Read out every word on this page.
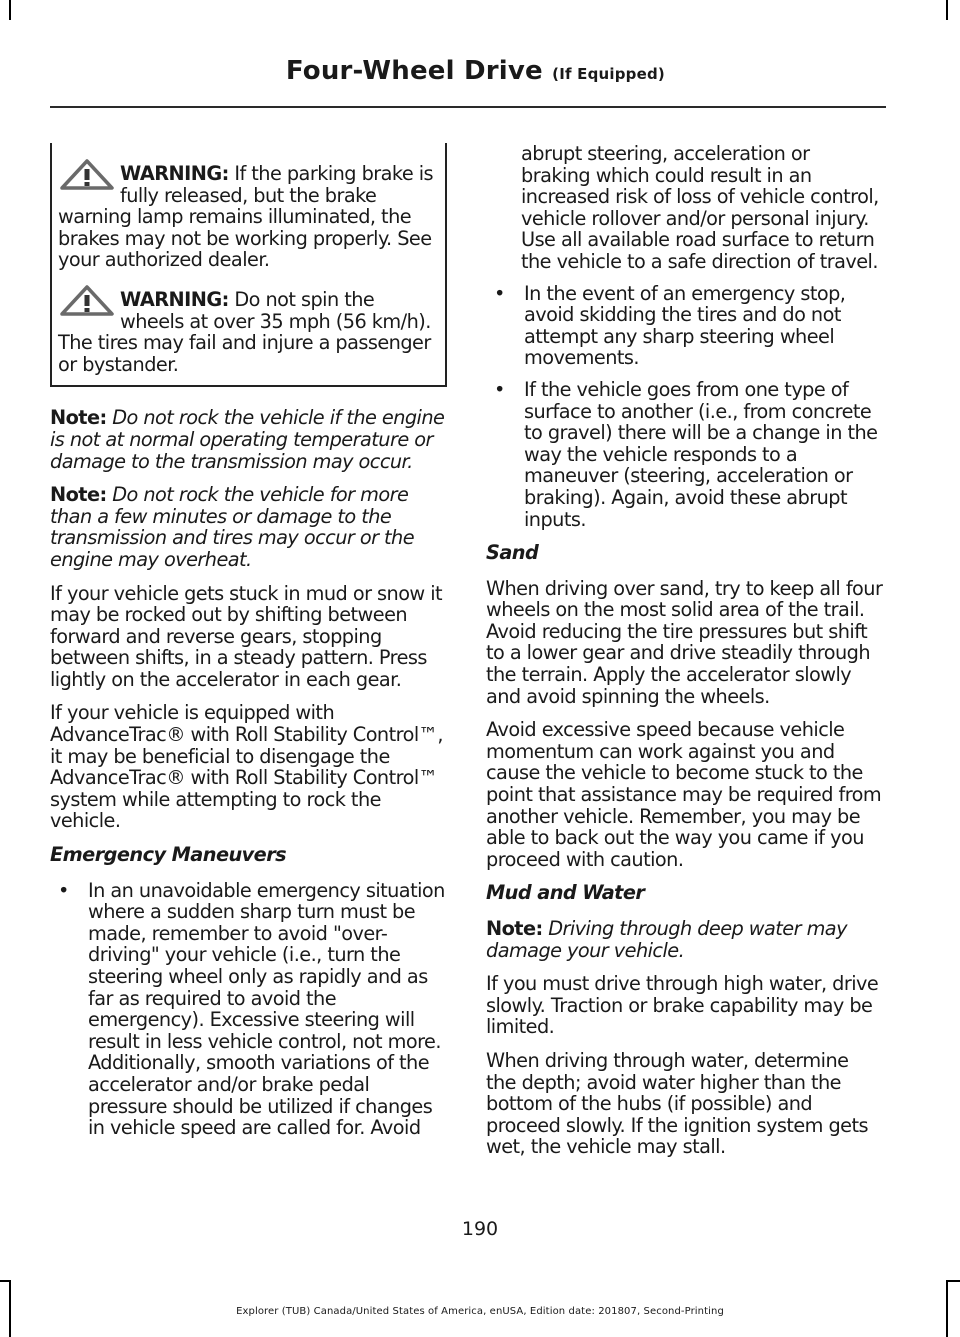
Four-Wheel Drive (If Equipped)

WARNING: If the parking brake is fully released, but the brake warning lamp remains illuminated, the brakes may not be working properly. See your authorized dealer.

WARNING: Do not spin the wheels at over 35 mph (56 km/h). The tires may fail and injure a passenger or bystander.

Note: Do not rock the vehicle if the engine is not at normal operating temperature or damage to the transmission may occur.

Note: Do not rock the vehicle for more than a few minutes or damage to the transmission and tires may occur or the engine may overheat.

If your vehicle gets stuck in mud or snow it may be rocked out by shifting between forward and reverse gears, stopping between shifts, in a steady pattern. Press lightly on the accelerator in each gear.

If your vehicle is equipped with AdvanceTrac® with Roll Stability Control™, it may be beneficial to disengage the AdvanceTrac® with Roll Stability Control™ system while attempting to rock the vehicle.

Emergency Maneuvers

• In an unavoidable emergency situation where a sudden sharp turn must be made, remember to avoid "over-driving" your vehicle (i.e., turn the steering wheel only as rapidly and as far as required to avoid the emergency). Excessive steering will result in less vehicle control, not more. Additionally, smooth variations of the accelerator and/or brake pedal pressure should be utilized if changes in vehicle speed are called for. Avoid

abrupt steering, acceleration or braking which could result in an increased risk of loss of vehicle control, vehicle rollover and/or personal injury. Use all available road surface to return the vehicle to a safe direction of travel.

• In the event of an emergency stop, avoid skidding the tires and do not attempt any sharp steering wheel movements.
• If the vehicle goes from one type of surface to another (i.e., from concrete to gravel) there will be a change in the way the vehicle responds to a maneuver (steering, acceleration or braking). Again, avoid these abrupt inputs.

Sand

When driving over sand, try to keep all four wheels on the most solid area of the trail. Avoid reducing the tire pressures but shift to a lower gear and drive steadily through the terrain. Apply the accelerator slowly and avoid spinning the wheels.

Avoid excessive speed because vehicle momentum can work against you and cause the vehicle to become stuck to the point that assistance may be required from another vehicle. Remember, you may be able to back out the way you came if you proceed with caution.

Mud and Water

Note: Driving through deep water may damage your vehicle.

If you must drive through high water, drive slowly. Traction or brake capability may be limited.

When driving through water, determine the depth; avoid water higher than the bottom of the hubs (if possible) and proceed slowly. If the ignition system gets wet, the vehicle may stall.

190
Explorer (TUB) Canada/United States of America, enUSA, Edition date: 201807, Second-Printing
